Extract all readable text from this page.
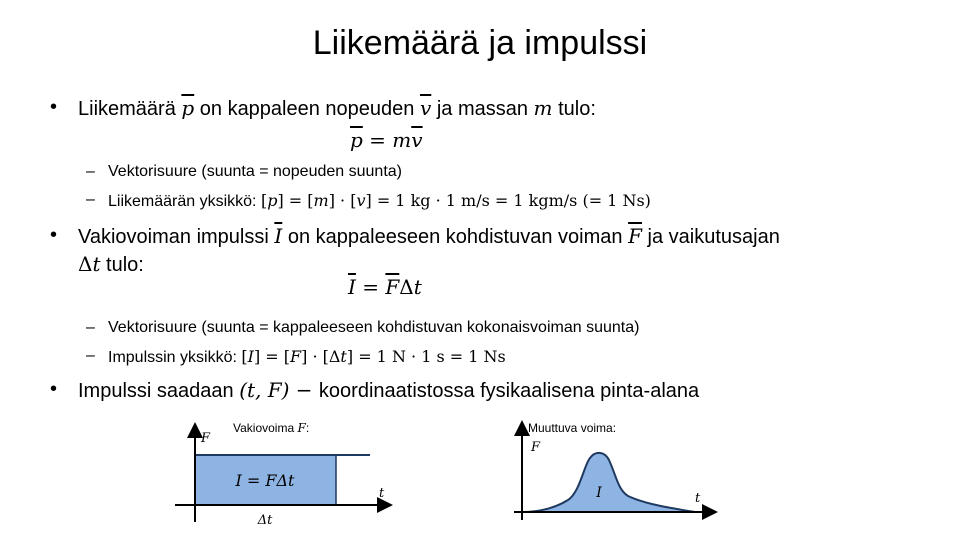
Liikemäärä ja impulssi
• Liikemäärä $\overline{p}$ on kappaleen nopeuden $\overline{v}$ ja massan m tulo:
$\overline{p} = m\overline{v}$
– Vektorisuure (suunta = nopeuden suunta)
– Liikemäärän yksikkö: [p] = [m] · [v] = 1 kg · 1 m/s = 1 kgm/s (= 1 Ns)
• Vakiovoiman impulssi $\overline{I}$ on kappaleeseen kohdistuvan voiman $\overline{F}$ ja vaikutusajan
Δt tulo:
$\overline{I} = \overline{F}\Delta t$
– Vektorisuure (suunta = kappaleeseen kohdistuvan kokonaisvoiman suunta)
– Impulssin yksikkö: [I] = [F] · [Δt] = 1 N · 1 s = 1 Ns
• Impulssi saadaan (t, F) − koordinaatistossa fysikaalisena pinta-alana
Vakiovoima F:
F
t
I = FΔt
Δt
Muuttuva voima:
F
t
I
